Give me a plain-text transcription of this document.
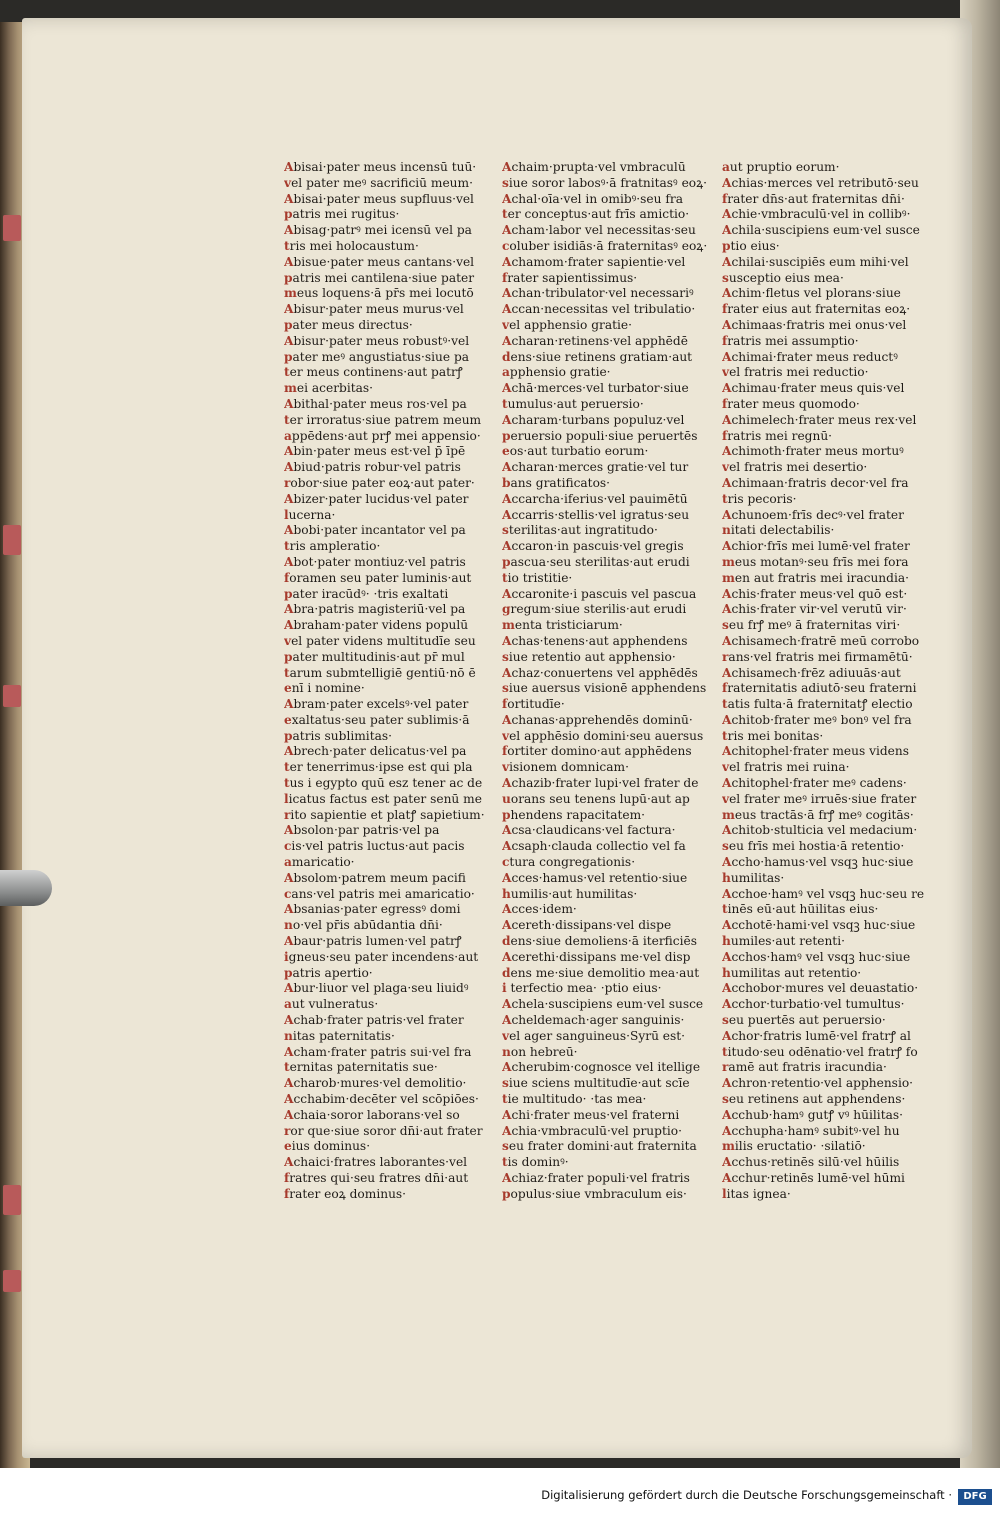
Abisai·pater meus incensū tuū·
vel pater meꝰ sacrificiū meum·
Abisai·pater meus supfluus·vel
patris mei rugitus·
Abisag·patrꝰ mei icensū vel pa
tris mei holocaustum·
Abisue·pater meus cantans·vel
patris mei cantilena·siue pater
meus loquens·ā pr̄s mei locutō
Abisur·pater meus murus·vel
pater meus directus·
Abisur·pater meus robustꝰ·vel
pater meꝰ angustiatus·siue pa
ter meus continens·aut patrꝭ
mei acerbitas·
Abithal·pater meus ros·vel pa
ter irroratus·siue patrem meum
appēdens·aut prꝭ mei appensio·
Abin·pater meus est·vel p̄ īpē
Abiud·patris robur·vel patris
robor·siue pater eoꝝ·aut pater·
Abizer·pater lucidus·vel pater
lucerna·
Abobi·pater incantator vel pa
tris ampleratio·
Abot·pater montiuz·vel patris
foramen seu pater luminis·aut
pater iracūdꝰ· ·tris exaltati
Abra·patris magisteriū·vel pa
Abraham·pater videns populū
vel pater videns multitudīe seu
pater multitudinis·aut pr̄ mul
tarum submtelligiē gentiū·nō ē
enī i nomine·
Abram·pater excelsꝰ·vel pater
exaltatus·seu pater sublimis·ā
patris sublimitas·
Abrech·pater delicatus·vel pa
ter tenerrimus·ipse est qui pla
tus i egypto quū esz tener ac de
licatus factus est pater senū me
rito sapientie et platꝭ sapietium·
Absolon·par patris·vel pa
cis·vel patris luctus·aut pacis
amaricatio·
Absolom·patrem meum pacifi
cans·vel patris mei amaricatio·
Absanias·pater egressꝰ domi
no·vel pr̄is abūdantia dn̄i·
Abaur·patris lumen·vel patrꝭ
igneus·seu pater incendens·aut
patris apertio·
Abur·liuor vel plaga·seu liuidꝰ
aut vulneratus·
Achab·frater patris·vel frater
nitas paternitatis·
Acham·frater patris sui·vel fra
ternitas paternitatis sue·
Acharob·mures·vel demolitio·
Acchabim·decēter vel scōpiōes·
Achaia·soror laborans·vel so
ror que·siue soror dn̄i·aut frater
eius dominus·
Achaici·fratres laborantes·vel
fratres qui·seu fratres dn̄i·aut
frater eoꝝ dominus·
Achaim·prupta·vel vmbraculū
siue soror labosꝰ·ā fratnitasꝰ eoꝝ·
Achal·oīa·vel in omibꝰ·seu fra
ter conceptus·aut frīs amictio·
Acham·labor vel necessitas·seu
coluber isidiās·ā fraternitasꝰ eoꝝ·
Achamom·frater sapientie·vel
frater sapientissimus·
Achan·tribulator·vel necessariꝰ
Accan·necessitas vel tribulatio·
vel apphensio gratie·
Acharan·retinens·vel apphēdē
dens·siue retinens gratiam·aut
apphensio gratie·
Achā·merces·vel turbator·siue
tumulus·aut peruersio·
Acharam·turbans populuz·vel
peruersio populi·siue peruertēs
eos·aut turbatio eorum·
Acharan·merces gratie·vel tur
bans gratificatos·
Accarcha·iferius·vel pauimētū
Accarris·stellis·vel igratus·seu
sterilitas·aut ingratitudo·
Accaron·in pascuis·vel gregis
pascua·seu sterilitas·aut erudi
tio tristitie·
Accaronite·i pascuis vel pascua
gregum·siue sterilis·aut erudi
menta tristiciarum·
Achas·tenens·aut apphendens
siue retentio aut apphensio·
Achaz·conuertens vel apphēdēs
siue auersus visionē apphendens
fortitudīe·
Achanas·apprehendēs dominū·
vel apphēsio domini·seu auersus
fortiter domino·aut apphēdens
visionem domnicam·
Achazib·frater lupi·vel frater de
uorans seu tenens lupū·aut ap
phendens rapacitatem·
Acsa·claudicans·vel factura·
Acsaph·clauda collectio vel fa
ctura congregationis·
Acces·hamus·vel retentio·siue
humilis·aut humilitas·
Acces·idem·
Acereth·dissipans·vel dispe
dens·siue demoliens·ā iterficiēs
Acerethi·dissipans me·vel disp
dens me·siue demolitio mea·aut
i terfectio mea· ·ptio eius·
Achela·suscipiens eum·vel susce
Acheldemach·ager sanguinis·
vel ager sanguineus·Syrū est·
non hebreū·
Acherubim·cognosce vel itellige
siue sciens multitudīe·aut scīe
tie multitudo· ·tas mea·
Achi·frater meus·vel fraterni
Achia·vmbraculū·vel pruptio·
seu frater domini·aut fraternita
tis dominꝰ·
Achiaz·frater populi·vel fratris
populus·siue vmbraculum eis·
aut pruptio eorum·
Achias·merces vel retributō·seu
frater dn̄s·aut fraternitas dn̄i·
Achie·vmbraculū·vel in collibꝰ·
Achila·suscipiens eum·vel susce
ptio eius·
Achilai·suscipiēs eum mihi·vel
susceptio eius mea·
Achim·fletus vel plorans·siue
frater eius aut fraternitas eoꝝ·
Achimaas·fratris mei onus·vel
fratris mei assumptio·
Achimai·frater meus reductꝰ
vel fratris mei reductio·
Achimau·frater meus quis·vel
frater meus quomodo·
Achimelech·frater meus rex·vel
fratris mei regnū·
Achimoth·frater meus mortuꝰ
vel fratris mei desertio·
Achimaan·fratris decor·vel fra
tris pecoris·
Achunoem·frīs decꝰ·vel frater
nitati delectabilis·
Achior·frīs mei lumē·vel frater
meus motanꝰ·seu frīs mei fora
men aut fratris mei iracundia·
Achis·frater meus·vel quō est·
Achis·frater vir·vel verutū vir·
seu frꝭ meꝰ ā fraternitas viri·
Achisamech·fratrē meū corrobo
rans·vel fratris mei firmamētū·
Achisamech·frēz adiuuās·aut
fraternitatis adiutō·seu fraterni
tatis fulta·ā fraternitatꝭ electio
Achitob·frater meꝰ bonꝰ vel fra
tris mei bonitas·
Achitophel·frater meus videns
vel fratris mei ruina·
Achitophel·frater meꝰ cadens·
vel frater meꝰ irruēs·siue frater
meus tractās·ā frꝭ meꝰ cogitās·
Achitob·stulticia vel medacium·
seu frīs mei hostia·ā retentio·
Accho·hamus·vel vsqꝫ huc·siue
humilitas·
Acchoe·hamꝰ vel vsqꝫ huc·seu re
tinēs eū·aut hūilitas eius·
Acchotē·hami·vel vsqꝫ huc·siue
humiles·aut retenti·
Acchos·hamꝰ vel vsqꝫ huc·siue
humilitas aut retentio·
Acchobor·mures vel deuastatio·
Acchor·turbatio·vel tumultus·
seu puertēs aut peruersio·
Achor·fratris lumē·vel fratrꝭ al
titudo·seu odēnatio·vel fratrꝭ fo
ramē aut fratris iracundia·
Achron·retentio·vel apphensio·
seu retinens aut apphendens·
Acchub·hamꝰ gutꝭ vꝰ hūilitas·
Acchupha·hamꝰ subitꝰ·vel hu
milis eructatio· ·silatiō·
Acchus·retinēs silū·vel hūilis
Acchur·retinēs lumē·vel hūmi
litas ignea·
Digitalisierung gefördert durch die Deutsche Forschungsgemeinschaft ·	DFG
